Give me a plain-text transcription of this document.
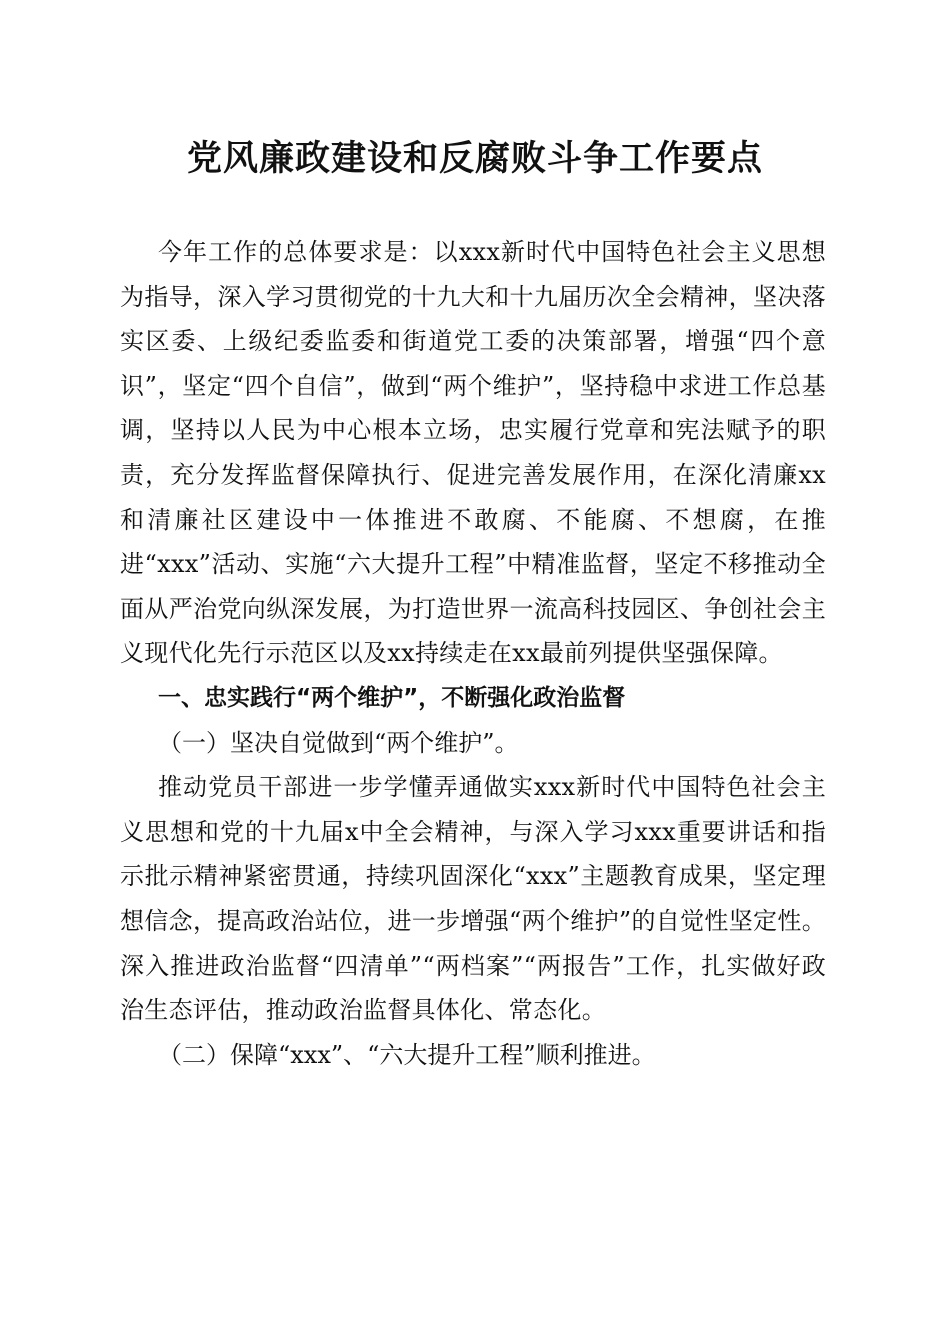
党风廉政建设和反腐败斗争工作要点

今年工作的总体要求是：以xxx新时代中国特色社会主义思想为指导，深入学习贯彻党的十九大和十九届历次全会精神，坚决落实区委、上级纪委监委和街道党工委的决策部署，增强“四个意识”，坚定“四个自信”，做到“两个维护”，坚持稳中求进工作总基调，坚持以人民为中心根本立场，忠实履行党章和宪法赋予的职责，充分发挥监督保障执行、促进完善发展作用，在深化清廉xx和清廉社区建设中一体推进不敢腐、不能腐、不想腐，在推进“xxx”活动、实施“六大提升工程”中精准监督，坚定不移推动全面从严治党向纵深发展，为打造世界一流高科技园区、争创社会主义现代化先行示范区以及xx持续走在xx最前列提供坚强保障。

一、忠实践行“两个维护”，不断强化政治监督

（一）坚决自觉做到“两个维护”。

推动党员干部进一步学懂弄通做实xxx新时代中国特色社会主义思想和党的十九届x中全会精神，与深入学习xxx重要讲话和指示批示精神紧密贯通，持续巩固深化“xxx”主题教育成果，坚定理想信念，提高政治站位，进一步增强“两个维护”的自觉性坚定性。深入推进政治监督“四清单”“两档案”“两报告”工作，扎实做好政治生态评估，推动政治监督具体化、常态化。

（二）保障“xxx”、“六大提升工程”顺利推进。
